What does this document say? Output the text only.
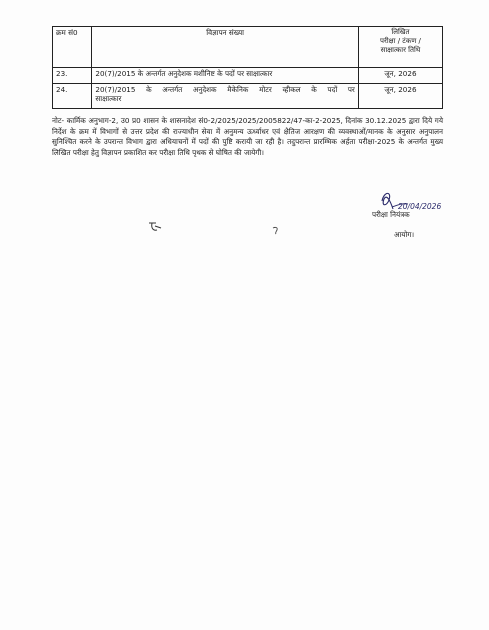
क्रम सं0	विज्ञापन संख्या	लिखित
परीक्षा / टंकण /
साक्षात्कार तिथि

23.	20(7)/2015 के अन्तर्गत अनुदेशक मशीनिष्ट के पदों पर साक्षात्कार	जून, 2026
24.	20(7)/2015 के अन्तर्गत अनुदेशक मैकेनिक मोटर व्हीकल के पदों पर
साक्षात्कार	जून, 2026

नोट- कार्मिक अनुभाग-2, उ0 प्र0 शासन के शासनादेश सं0-2/2025/2025/2005822/47-का-2-2025, दिनांक 30.12.2025 द्वारा दिये गये निर्देश के क्रम में विभागों से उत्तर प्रदेश की राज्याधीन सेवा में अनुमन्य ऊर्ध्वाधर एवं क्षैतिज आरक्षण की व्यवस्थाओं/मानक के अनुसार अनुपालन सुनिश्चित करने के उपरान्त विभाग द्वारा अधियाचनों में पदों की पुष्टि करायी जा रही है। तदुपरान्त प्रारम्भिक अर्हता परीक्षा-2025 के अन्तर्गत मुख्य लिखित परीक्षा हेतु विज्ञापन प्रकाशित कर परीक्षा तिथि पृथक से घोषित की जायेगी।

20/04/2026
परीक्षा नियंत्रक
आयोग।
